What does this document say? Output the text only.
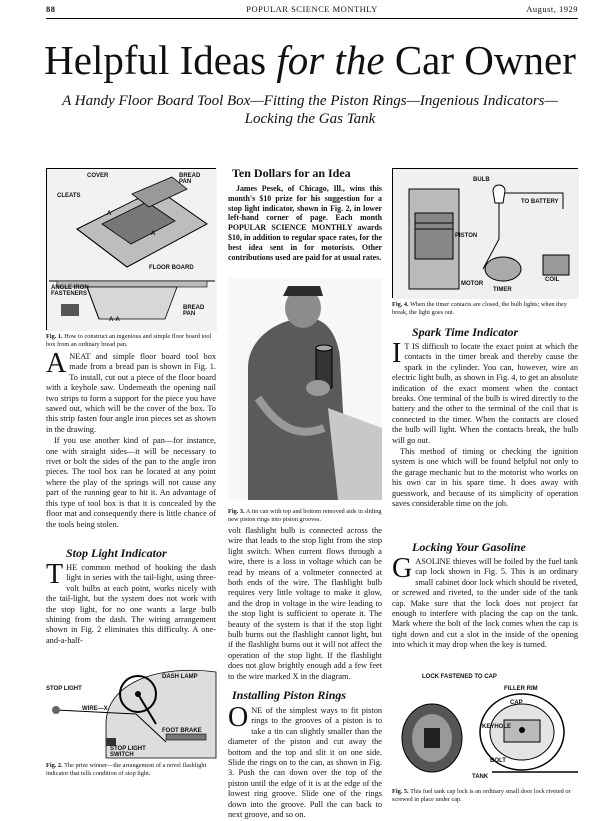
88	POPULAR SCIENCE MONTHLY	August, 1929
Helpful Ideas for the Car Owner
A Handy Floor Board Tool Box—Fitting the Piston Rings—Ingenious Indicators—Locking the Gas Tank
COVER	BREAD PAN
CLEATS
A
A
FLOOR BOARD
ANGLE IRON FASTENERS
A-A
BREAD PAN
Fig. 1. How to construct an ingenious and simple floor board tool box from an ordinary bread pan.

ANEAT and simple floor board tool box made from a bread pan is shown in Fig. 1. To install, cut out a piece of the floor board with a keyhole saw. Underneath the opening nail two strips to form a support for the piece you have sawed out, which will be the cover of the box. To this strip fasten four angle iron pieces set as shown in the drawing.

If you use another kind of pan—for instance, one with straight sides—it will be necessary to rivet or bolt the sides of the pan to the angle iron pieces. The tool box can be located at any point where the play of the springs will not cause any part of the running gear to hit it. An advantage of this type of tool box is that it is concealed by the floor mat and consequently there is little chance of the tools being stolen.

Stop Light Indicator

THE common method of hooking the dash light in series with the tail-light, using three-volt bulbs at each point, works nicely with the tail-light, but the system does not work with the stop light, for no one wants a large bulb shining from the dash. The wiring arrangement shown in Fig. 2 eliminates this difficulty. A one-and-a-half-

DASH LAMP
STOP LIGHT
WIRE—X
FOOT BRAKE
STOP LIGHT SWITCH
Fig. 2. The prize winner—the arrangement of a novel flashlight indicator that tells condition of stop light.
Ten Dollars for an Idea

James Pesek, of Chicago, Ill., wins this month's $10 prize for his suggestion for a stop light indicator, shown in Fig. 2, in lower left-hand corner of page. Each month POPULAR SCIENCE MONTHLY awards $10, in addition to regular space rates, for the best idea sent in for motorists. Other contributions used are paid for at usual rates.

Fig. 3. A tin can with top and bottom removed aids in sliding new piston rings into piston grooves.

volt flashlight bulb is connected across the wire that leads to the stop light from the stop light switch. When current flows through a wire, there is a loss in voltage which can be read by means of a voltmeter connected at both ends of the wire. The flashlight bulb requires very little voltage to make it glow, and the drop in voltage in the wire leading to the stop light is sufficient to operate it. The beauty of the system is that if the stop light bulb burns out the flashlight cannot light, but if the flashlight burns out it will not affect the operation of the stop light. If the flashlight does not glow brightly enough add a few feet to the wire marked X in the diagram.

Installing Piston Rings

ONE of the simplest ways to fit piston rings to the grooves of a piston is to take a tin can slightly smaller than the diameter of the piston and cut away the bottom and the top and slit it on one side. Slide the rings on to the can, as shown in Fig. 3. Push the can down over the top of the piston until the edge of it is at the edge of the lowest ring groove. Slide one of the rings down into the groove. Pull the can back to next groove, and so on.

BULB
TO BATTERY
PISTON
MOTOR
TIMER
COIL
Fig. 4. When the timer contacts are closed, the bulb lights; when they break, the light goes out.
Spark Time Indicator

I T IS difficult to locate the exact point at which the contacts in the timer break and thereby cause the spark in the cylinder. You can, however, wire an electric light bulb, as shown in Fig. 4, to get an absolute indication of the exact moment when the contact breaks. One terminal of the bulb is wired directly to the battery and the other to the terminal of the coil that is connected to the timer. When the contacts are closed the bulb will light. When the contacts break, the bulb will go out.

This method of timing or checking the ignition system is one which will be found helpful not only to the garage mechanic but to the motorist who works on his own car in his spare time. It does away with guesswork, and because of its simplicity of operation saves considerable time on the job.

Locking Your Gasoline

GASOLINE thieves will be foiled by the fuel tank cap lock shown in Fig. 5. This is an ordinary small cabinet door lock which should be riveted, or screwed and riveted, to the under side of the tank cap. Make sure that the lock does not project far enough to interfere with placing the cap on the tank. Mark where the bolt of the lock comes when the cap is tight down and cut a slot in the inside of the opening into which it may drop when the key is turned.

LOCK FASTENED TO CAP
FILLER RIM
CAP
KEYHOLE
BOLT
TANK
Fig. 5. This fuel tank cap lock is an ordinary small door lock riveted or screwed in place under cap.
